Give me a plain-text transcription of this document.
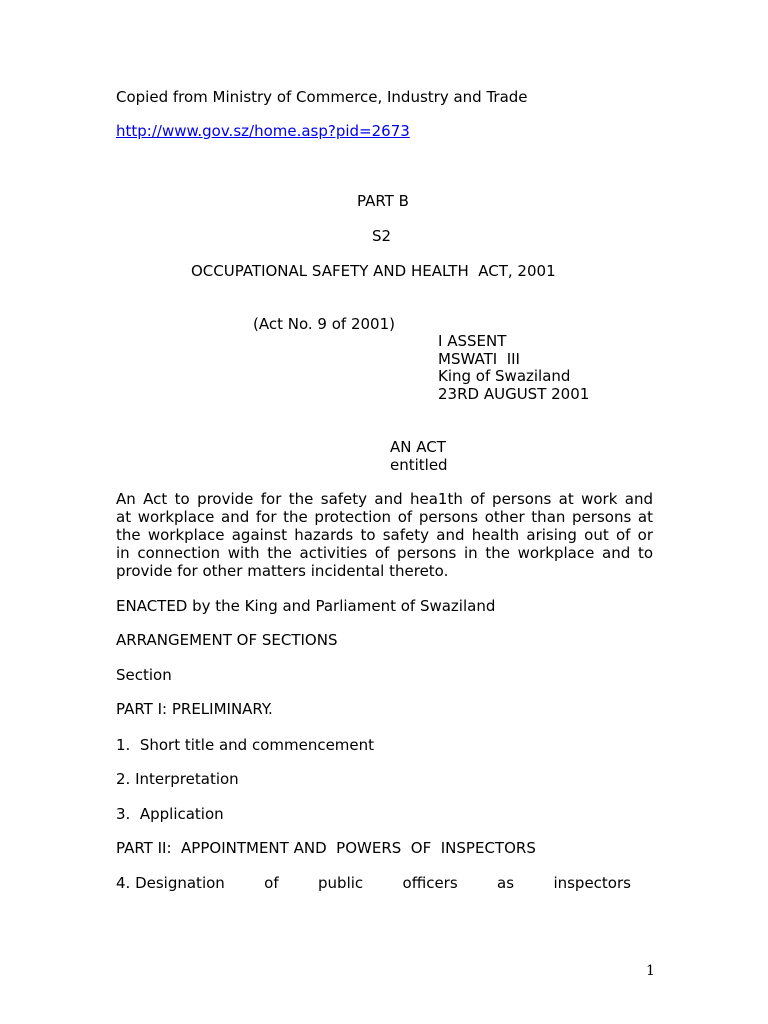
Copied from Ministry of Commerce, Industry and Trade
http://www.gov.sz/home.asp?pid=2673
PART B
S2
OCCUPATIONAL SAFETY AND HEALTH  ACT, 2001
(Act No. 9 of 2001)
I ASSENT
MSWATI  III
King of Swaziland
23RD AUGUST 2001
AN ACT
entitled
An Act to provide for the safety and hea1th of persons at work and
at workplace and for the protection of persons other than persons at
the workplace against hazards to safety and health arising out of or
in connection with the activities of persons in the workplace and to
provide for other matters incidental thereto.
ENACTED by the King and Parliament of Swaziland
ARRANGEMENT OF SECTIONS
Section
PART I: PRELIMINARY.
1.  Short title and commencement
2. Interpretation
3.  Application
PART II:  APPOINTMENT AND  POWERS  OF  INSPECTORS
4. Designation	of	public	officers	as	inspectors
1
